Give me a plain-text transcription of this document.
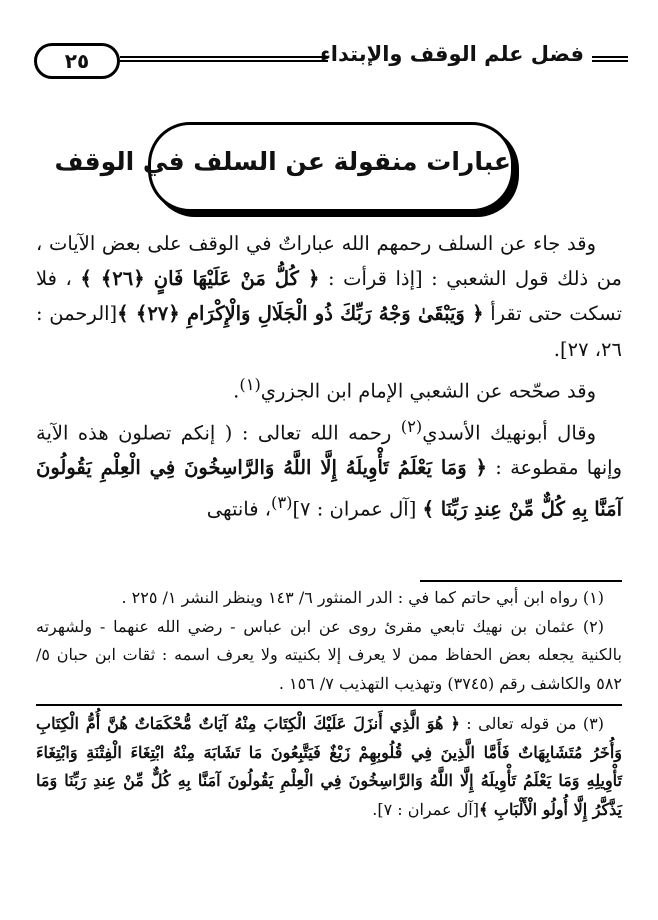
فضل علم الوقف والإبتداء
٢٥
عبارات منقولة عن السلف في الوقف

وقد جاء عن السلف رحمهم الله عباراتٌ في الوقف على بعض الآيات ، من ذلك قول الشعبي : [إذا قرأت : ﴿ كُلُّ مَنْ عَلَيْهَا فَانٍ ﴿٢٦﴾ ﴾ ، فلا تسكت حتى تقرأ ﴿ وَيَبْقَىٰ وَجْهُ رَبِّكَ ذُو الْجَلَالِ وَالْإِكْرَامِ ﴿٢٧﴾ ﴾[الرحمن : ٢٦، ٢٧].

وقد صحّحه عن الشعبي الإمام ابن الجزري$^{(١)}$.

وقال أبونهيك الأسدي$^{(٢)}$ رحمه الله تعالى : ( إنكم تصلون هذه الآية وإنها مقطوعة : ﴿ وَمَا يَعْلَمُ تَأْوِيلَهُ إِلَّا اللَّهُ وَالرَّاسِخُونَ فِي الْعِلْمِ يَقُولُونَ آمَنَّا بِهِ كُلٌّ مِّنْ عِندِ رَبِّنَا ﴾ [آل عمران : ٧]$^{(٣)}$، فانتهى

(١) رواه ابن أبي حاتم كما في : الدر المنثور ٦/ ١٤٣ وينظر النشر ١/ ٢٢٥ .

(٢) عثمان بن نهيك تابعي مقرئ روى عن ابن عباس - رضي الله عنهما - ولشهرته بالكنية يجعله بعض الحفاظ ممن لا يعرف إلا بكنيته ولا يعرف اسمه : ثقات ابن حبان ٥/ ٥٨٢ والكاشف رقم (٣٧٤٥) وتهذيب التهذيب ٧/ ١٥٦ .

(٣) من قوله تعالى : ﴿ هُوَ الَّذِي أَنزَلَ عَلَيْكَ الْكِتَابَ مِنْهُ آيَاتٌ مُّحْكَمَاتٌ هُنَّ أُمُّ الْكِتَابِ وَأُخَرُ مُتَشَابِهَاتٌ فَأَمَّا الَّذِينَ فِي قُلُوبِهِمْ زَيْغٌ فَيَتَّبِعُونَ مَا تَشَابَهَ مِنْهُ ابْتِغَاءَ الْفِتْنَةِ وَابْتِغَاءَ تَأْوِيلِهِ وَمَا يَعْلَمُ تَأْوِيلَهُ إِلَّا اللَّهُ وَالرَّاسِخُونَ فِي الْعِلْمِ يَقُولُونَ آمَنَّا بِهِ كُلٌّ مِّنْ عِندِ رَبِّنَا وَمَا يَذَّكَّرُ إِلَّا أُولُو الْأَلْبَابِ ﴾[آل عمران : ٧].
